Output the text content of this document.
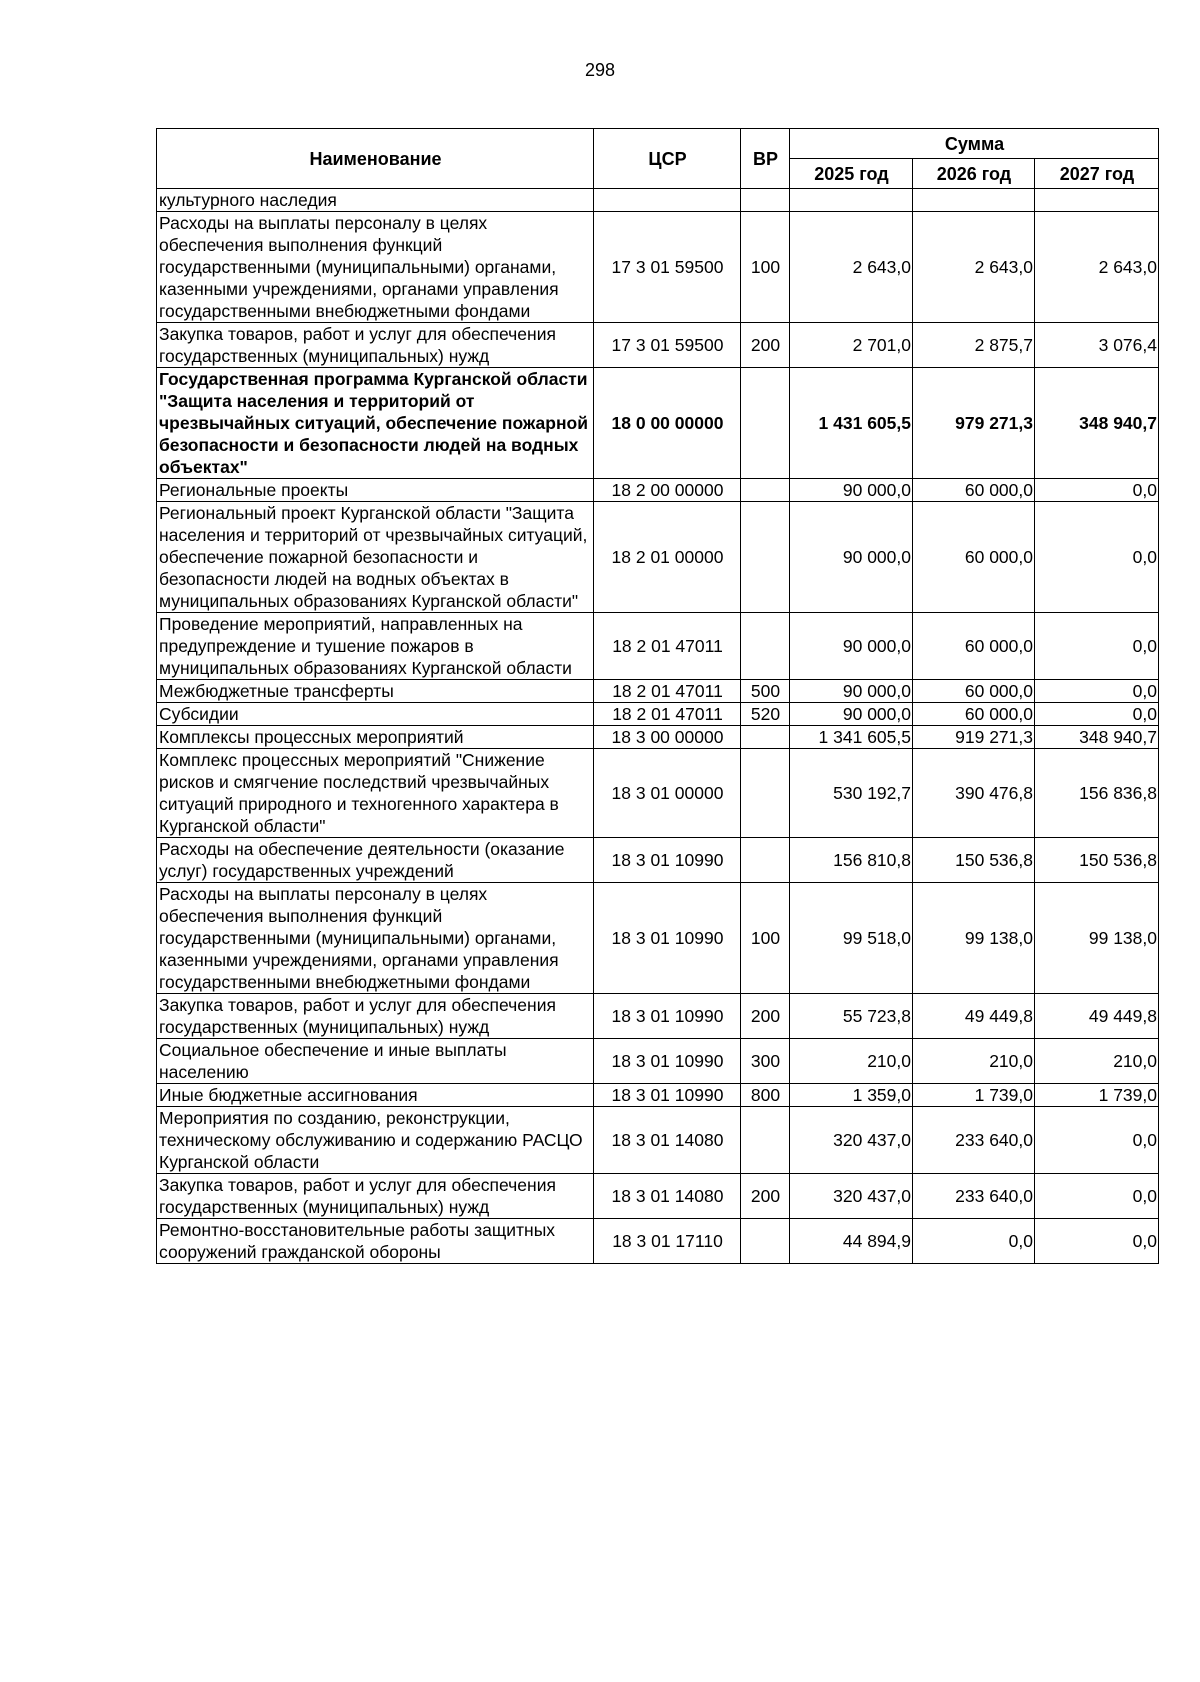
298
Наименование	ЦСР	ВР	Сумма		
			2025 год	2026 год	2027 год
культурного наследия					
Расходы на выплаты персоналу в целях обеспечения выполнения функций государственными (муниципальными) органами, казенными учреждениями, органами управления государственными внебюджетными фондами	17 3 01 59500	100	2 643,0	2 643,0	2 643,0
Закупка товаров, работ и услуг для обеспечения государственных (муниципальных) нужд	17 3 01 59500	200	2 701,0	2 875,7	3 076,4
Государственная программа Курганской области "Защита населения и территорий от чрезвычайных ситуаций, обеспечение пожарной безопасности и безопасности людей на водных объектах"	18 0 00 00000		1 431 605,5	979 271,3	348 940,7
Региональные проекты	18 2 00 00000		90 000,0	60 000,0	0,0
Региональный проект Курганской области "Защита населения и территорий от чрезвычайных ситуаций, обеспечение пожарной безопасности и безопасности людей на водных объектах в муниципальных образованиях Курганской области"	18 2 01 00000		90 000,0	60 000,0	0,0
Проведение мероприятий, направленных на предупреждение и тушение пожаров в муниципальных образованиях Курганской области	18 2 01 47011		90 000,0	60 000,0	0,0
Межбюджетные трансферты	18 2 01 47011	500	90 000,0	60 000,0	0,0
Субсидии	18 2 01 47011	520	90 000,0	60 000,0	0,0
Комплексы процессных мероприятий	18 3 00 00000		1 341 605,5	919 271,3	348 940,7
Комплекс процессных мероприятий "Снижение рисков и смягчение последствий чрезвычайных ситуаций природного и техногенного характера в Курганской области"	18 3 01 00000		530 192,7	390 476,8	156 836,8
Расходы на обеспечение деятельности (оказание услуг) государственных учреждений	18 3 01 10990		156 810,8	150 536,8	150 536,8
Расходы на выплаты персоналу в целях обеспечения выполнения функций государственными (муниципальными) органами, казенными учреждениями, органами управления государственными внебюджетными фондами	18 3 01 10990	100	99 518,0	99 138,0	99 138,0
Закупка товаров, работ и услуг для обеспечения государственных (муниципальных) нужд	18 3 01 10990	200	55 723,8	49 449,8	49 449,8
Социальное обеспечение и иные выплаты населению	18 3 01 10990	300	210,0	210,0	210,0
Иные бюджетные ассигнования	18 3 01 10990	800	1 359,0	1 739,0	1 739,0
Мероприятия по созданию, реконструкции, техническому обслуживанию и содержанию РАСЦО Курганской области	18 3 01 14080		320 437,0	233 640,0	0,0
Закупка товаров, работ и услуг для обеспечения государственных (муниципальных) нужд	18 3 01 14080	200	320 437,0	233 640,0	0,0
Ремонтно-восстановительные работы защитных сооружений гражданской обороны	18 3 01 17110		44 894,9	0,0	0,0
